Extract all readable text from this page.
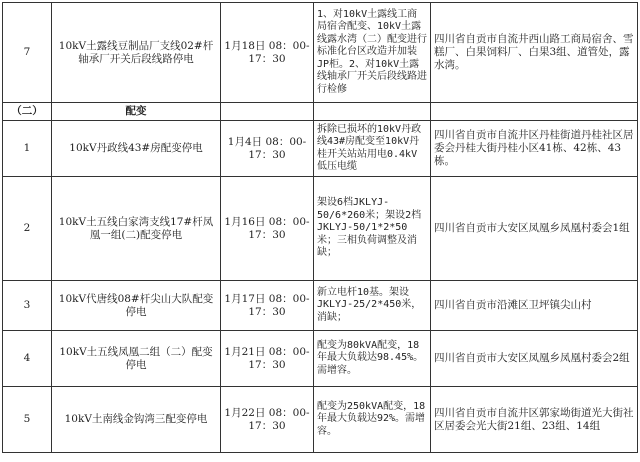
7	10kV土露线豆制品厂支线02#杆轴承厂开关后段线路停电	1月18日 08：00-17：30	1、对10kV土露线工商局宿舍配变、10kV土露线露水湾（二）配变进行标准化台区改造并加装JP柜。2、对10kV土露线轴承厂开关后段线路进行检修	四川省自贡市自流井西山路工商局宿舍、雪糕厂、白果饲料厂、白果3组、道管处，露水湾。
（二）	配变			
1	10kV丹政线43#房配变停电	1月4日 08：00-17：30	拆除已损坏的10kV丹政线43#房配变至10kV丹桂开关站站用电0.4kV低压电缆	四川省自贡市自流井区丹桂街道丹桂社区居委会丹桂大街丹桂小区41栋、42栋、43栋。
2	10kV土五线白家湾支线17#杆凤凰一组(二)配变停电	1月16日 08：00-17：30	架设6档JKLYJ-50/6*260米；架设2档JKLYJ-50/1*2*50米；三相负荷调整及消缺；	四川省自贡市大安区凤凰乡凤凰村委会1组
3	10kV代唐线08#杆尖山大队配变停电	1月17日 08：00-17：30	新立电杆10基。架设JKLYJ-25/2*450米，消缺；	四川省自贡市沿滩区卫坪镇尖山村
4	10kV土五线凤凰二组（二）配变停电	1月21日 08：00-17：30	配变为80kVA配变，18年最大负载达98.45%。需增容。	四川省自贡市大安区凤凰乡凤凰村委会2组
5	10kV土南线金钩湾三配变停电	1月22日 08：00-17：30	配变为250kVA配变，18年最大负载达92%。需增容。	四川省自贡市自流井区郭家坳街道光大街社区居委会光大街21组、23组、14组
